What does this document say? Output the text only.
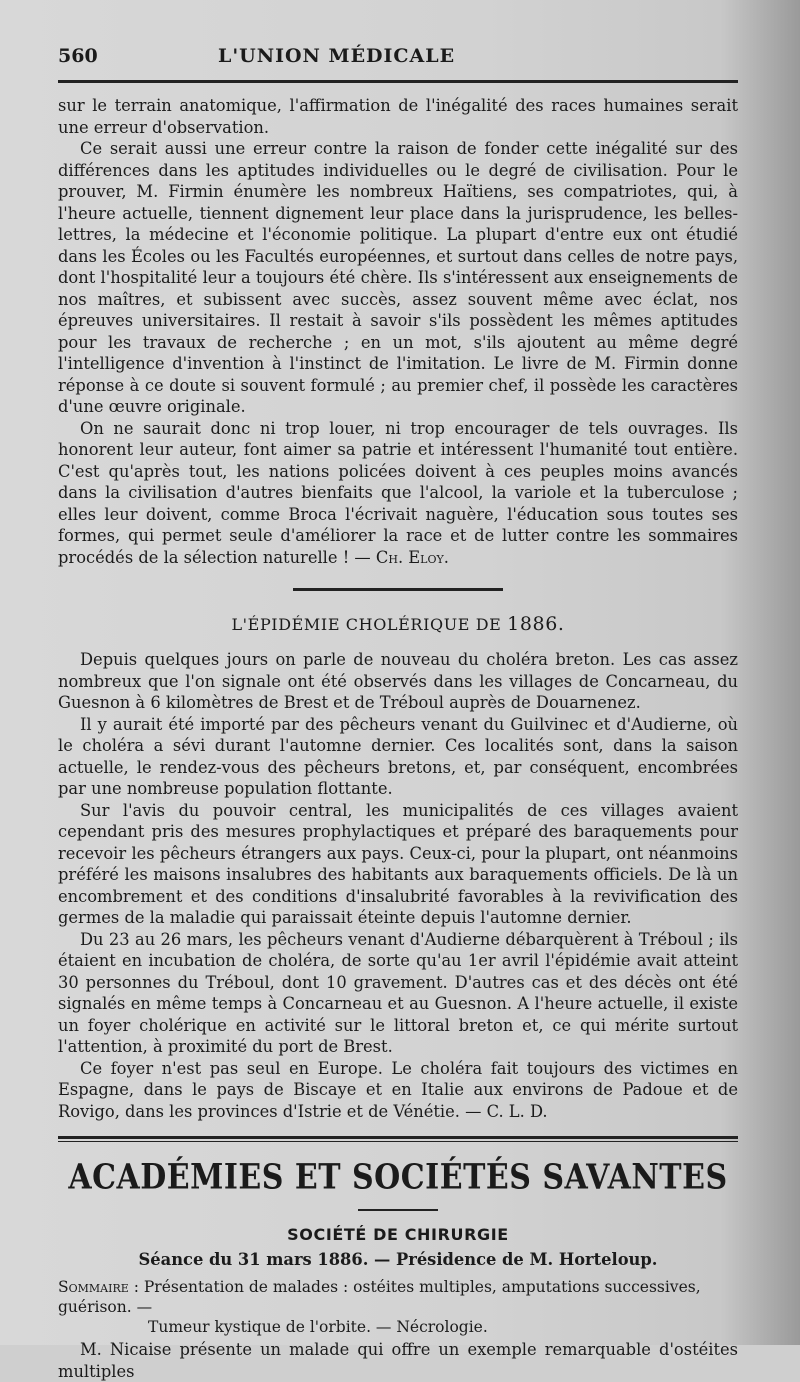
560	L'UNION MÉDICALE

sur le terrain anatomique, l'affirmation de l'inégalité des races humaines serait une erreur d'observation.

Ce serait aussi une erreur contre la raison de fonder cette inégalité sur des différences dans les aptitudes individuelles ou le degré de civilisation. Pour le prouver, M. Firmin énumère les nombreux Haïtiens, ses compatriotes, qui, à l'heure actuelle, tiennent dignement leur place dans la jurisprudence, les belles-lettres, la médecine et l'économie politique. La plupart d'entre eux ont étudié dans les Écoles ou les Facultés européennes, et surtout dans celles de notre pays, dont l'hospitalité leur a toujours été chère. Ils s'intéressent aux enseignements de nos maîtres, et subissent avec succès, assez souvent même avec éclat, nos épreuves universitaires. Il restait à savoir s'ils possèdent les mêmes aptitudes pour les travaux de recherche ; en un mot, s'ils ajoutent au même degré l'intelligence d'invention à l'instinct de l'imitation. Le livre de M. Firmin donne réponse à ce doute si souvent formulé ; au premier chef, il possède les caractères d'une œuvre originale.

On ne saurait donc ni trop louer, ni trop encourager de tels ouvrages. Ils honorent leur auteur, font aimer sa patrie et intéressent l'humanité tout entière. C'est qu'après tout, les nations policées doivent à ces peuples moins avancés dans la civilisation d'autres bienfaits que l'alcool, la variole et la tuberculose ; elles leur doivent, comme Broca l'écrivait naguère, l'éducation sous toutes ses formes, qui permet seule d'améliorer la race et de lutter contre les sommaires procédés de la sélection naturelle ! — Ch. Eloy.

L'ÉPIDÉMIE CHOLÉRIQUE DE 1886.

Depuis quelques jours on parle de nouveau du choléra breton. Les cas assez nombreux que l'on signale ont été observés dans les villages de Concarneau, du Guesnon à 6 kilomètres de Brest et de Tréboul auprès de Douarnenez.

Il y aurait été importé par des pêcheurs venant du Guilvinec et d'Audierne, où le choléra a sévi durant l'automne dernier. Ces localités sont, dans la saison actuelle, le rendez-vous des pêcheurs bretons, et, par conséquent, encombrées par une nombreuse population flottante.

Sur l'avis du pouvoir central, les municipalités de ces villages avaient cependant pris des mesures prophylactiques et préparé des baraquements pour recevoir les pêcheurs étrangers aux pays. Ceux-ci, pour la plupart, ont néanmoins préféré les maisons insalubres des habitants aux baraquements officiels. De là un encombrement et des conditions d'insalubrité favorables à la revivification des germes de la maladie qui paraissait éteinte depuis l'automne dernier.

Du 23 au 26 mars, les pêcheurs venant d'Audierne débarquèrent à Tréboul ; ils étaient en incubation de choléra, de sorte qu'au 1er avril l'épidémie avait atteint 30 personnes du Tréboul, dont 10 gravement. D'autres cas et des décès ont été signalés en même temps à Concarneau et au Guesnon. A l'heure actuelle, il existe un foyer cholérique en activité sur le littoral breton et, ce qui mérite surtout l'attention, à proximité du port de Brest.

Ce foyer n'est pas seul en Europe. Le choléra fait toujours des victimes en Espagne, dans le pays de Biscaye et en Italie aux environs de Padoue et de Rovigo, dans les provinces d'Istrie et de Vénétie. — C. L. D.

ACADÉMIES ET SOCIÉTÉS SAVANTES
SOCIÉTÉ DE CHIRURGIE
Séance du 31 mars 1886. — Présidence de M. Horteloup.
Sommaire : Présentation de malades : ostéites multiples, amputations successives, guérison. —
Tumeur kystique de l'orbite. — Nécrologie.

M. Nicaise présente un malade qui offre un exemple remarquable d'ostéites multiples
